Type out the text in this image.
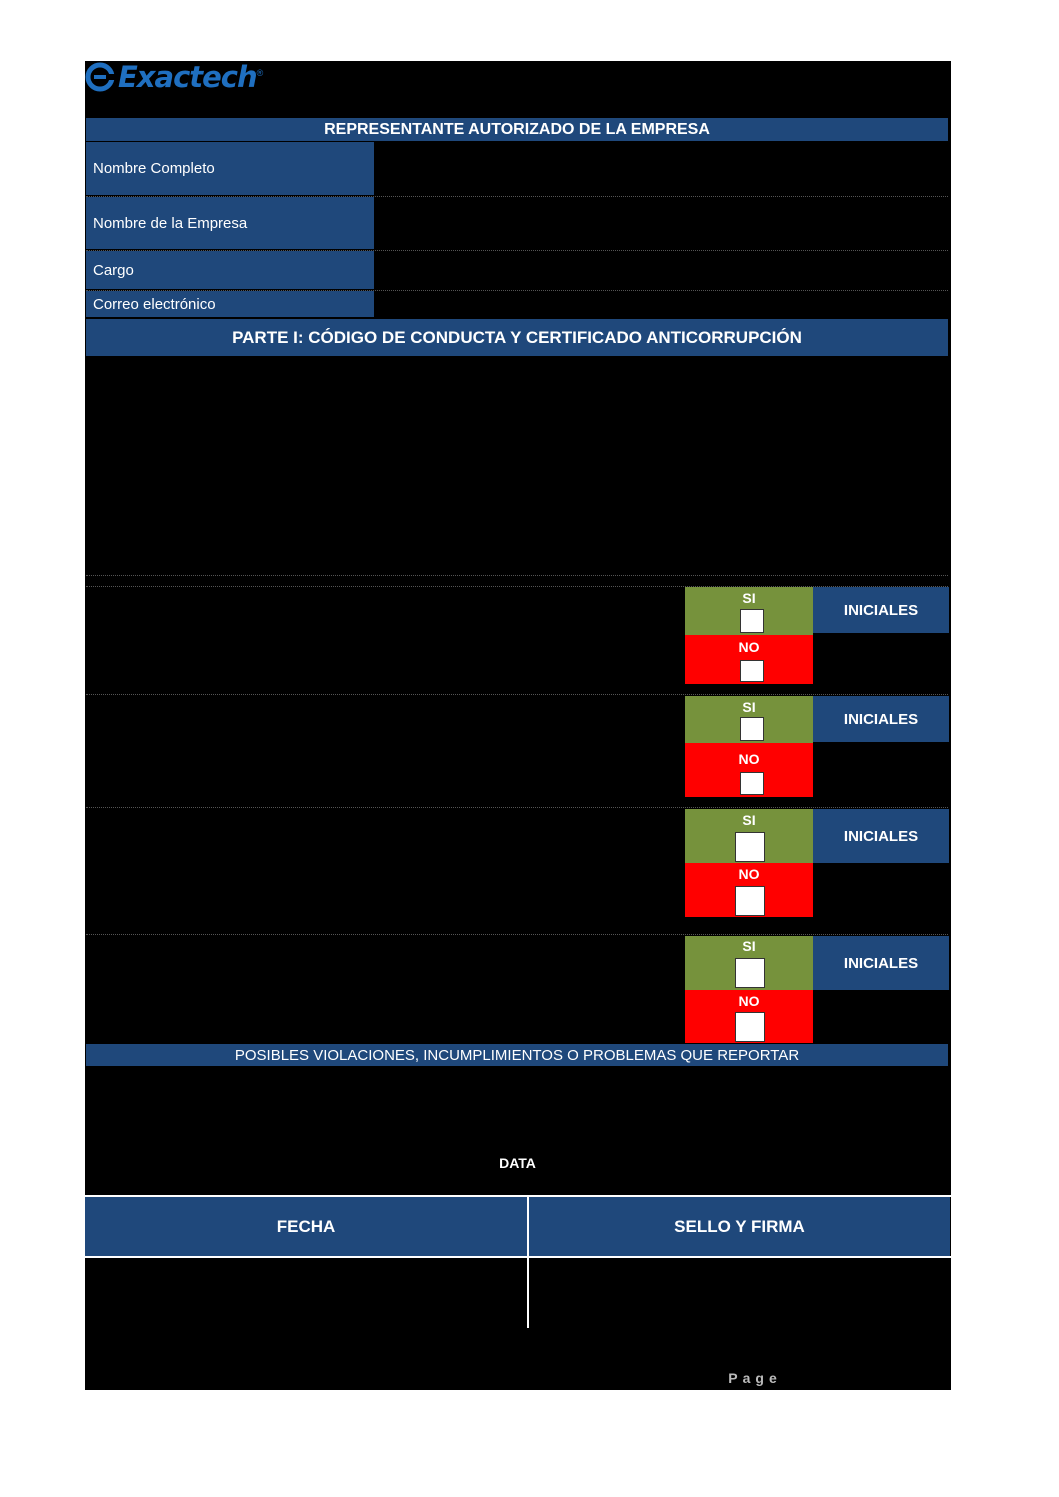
Exactech ®
REPRESENTANTE AUTORIZADO DE LA EMPRESA
Nombre Completo
Nombre de la Empresa
Cargo
Correo electrónico
PARTE I: CÓDIGO DE CONDUCTA Y CERTIFICADO ANTICORRUPCIÓN
SI
NO
INICIALES
SI
NO
INICIALES
SI
NO
INICIALES
SI
NO
INICIALES
POSIBLES VIOLACIONES, INCUMPLIMIENTOS O PROBLEMAS QUE REPORTAR
DATA
FECHA	SELLO Y FIRMA
Page
